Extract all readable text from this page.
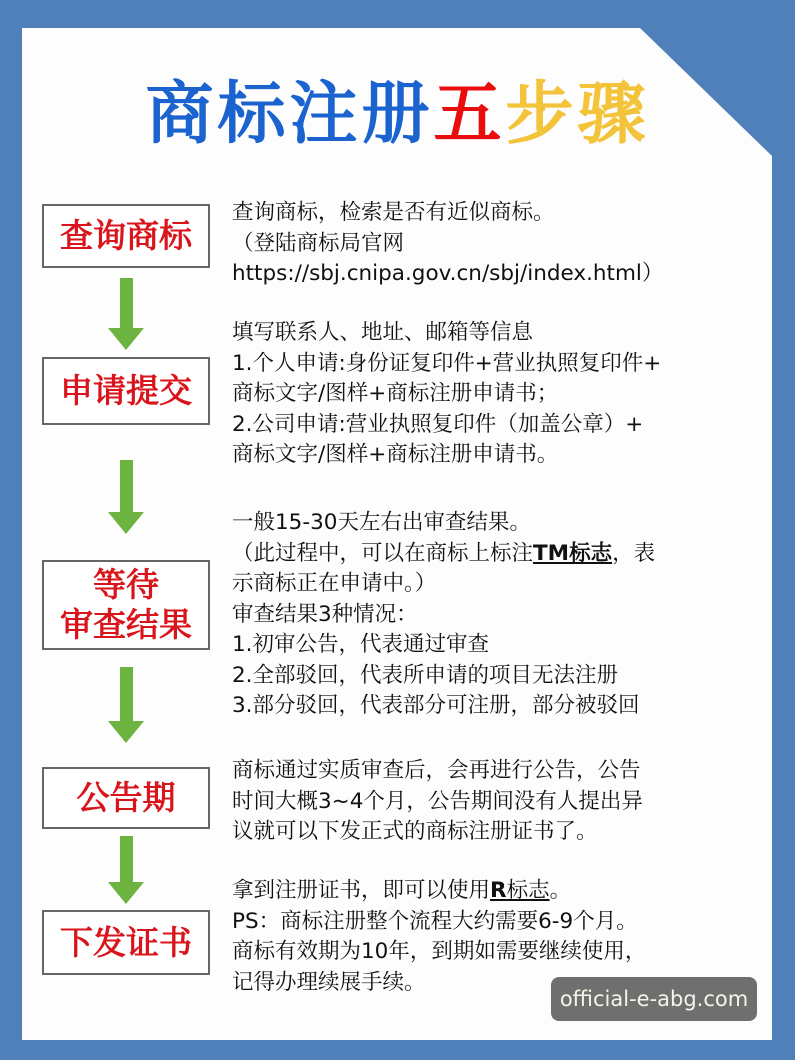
商标注册五步骤
查询商标
查询商标，检索是否有近似商标。
（登陆商标局官网
https://sbj.cnipa.gov.cn/sbj/index.html）
申请提交
填写联系人、地址、邮箱等信息
1.个人申请:身份证复印件+营业执照复印件+
商标文字/图样+商标注册申请书；
2.公司申请:营业执照复印件（加盖公章）+
商标文字/图样+商标注册申请书。
等待
审查结果
一般15-30天左右出审查结果。
（此过程中，可以在商标上标注TM标志，表
示商标正在申请中。）
审查结果3种情况：
1.初审公告，代表通过审查
2.全部驳回，代表所申请的项目无法注册
3.部分驳回，代表部分可注册，部分被驳回
公告期
商标通过实质审查后，会再进行公告，公告
时间大概3~4个月，公告期间没有人提出异
议就可以下发正式的商标注册证书了。
下发证书
拿到注册证书，即可以使用R标志。
PS：商标注册整个流程大约需要6-9个月。
商标有效期为10年，到期如需要继续使用，
记得办理续展手续。
official-e-abg.com
